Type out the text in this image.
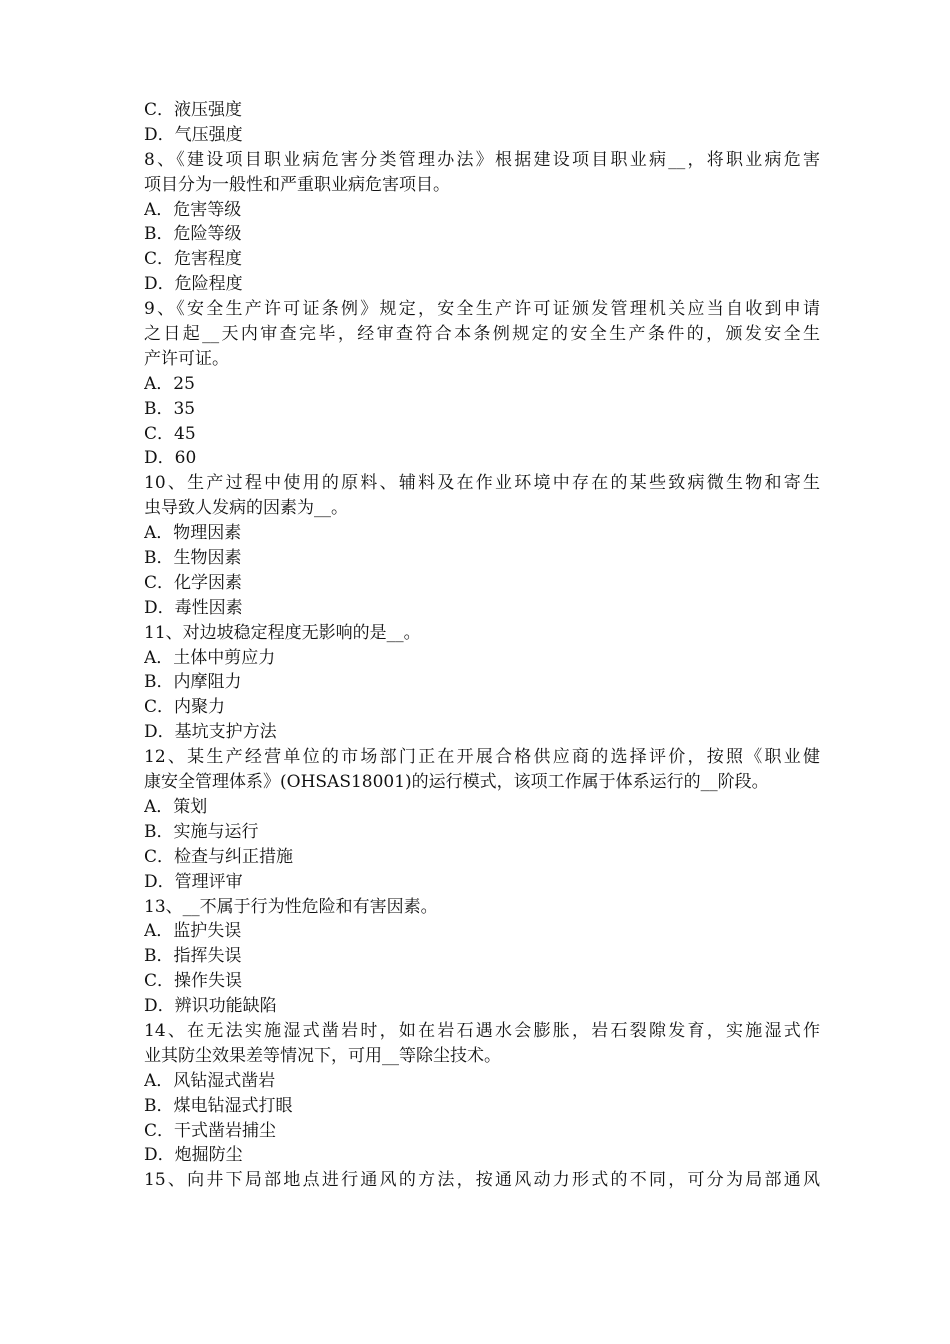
C．液压强度
D．气压强度
8、《建设项目职业病危害分类管理办法》根据建设项目职业病__，将职业病危害
项目分为一般性和严重职业病危害项目。
A．危害等级
B．危险等级
C．危害程度
D．危险程度
9、《安全生产许可证条例》规定，安全生产许可证颁发管理机关应当自收到申请
之日起__天内审查完毕，经审查符合本条例规定的安全生产条件的，颁发安全生
产许可证。
A．25
B．35
C．45
D．60
10、生产过程中使用的原料、辅料及在作业环境中存在的某些致病微生物和寄生
虫导致人发病的因素为__。
A．物理因素
B．生物因素
C．化学因素
D．毒性因素
11、对边坡稳定程度无影响的是__。
A．土体中剪应力
B．内摩阻力
C．内聚力
D．基坑支护方法
12、某生产经营单位的市场部门正在开展合格供应商的选择评价，按照《职业健
康安全管理体系》(OHSAS18001)的运行模式，该项工作属于体系运行的__阶段。
A．策划
B．实施与运行
C．检查与纠正措施
D．管理评审
13、__不属于行为性危险和有害因素。
A．监护失误
B．指挥失误
C．操作失误
D．辨识功能缺陷
14、在无法实施湿式凿岩时，如在岩石遇水会膨胀，岩石裂隙发育，实施湿式作
业其防尘效果差等情况下，可用__等除尘技术。
A．风钻湿式凿岩
B．煤电钻湿式打眼
C．干式凿岩捕尘
D．炮掘防尘
15、向井下局部地点进行通风的方法，按通风动力形式的不同，可分为局部通风
